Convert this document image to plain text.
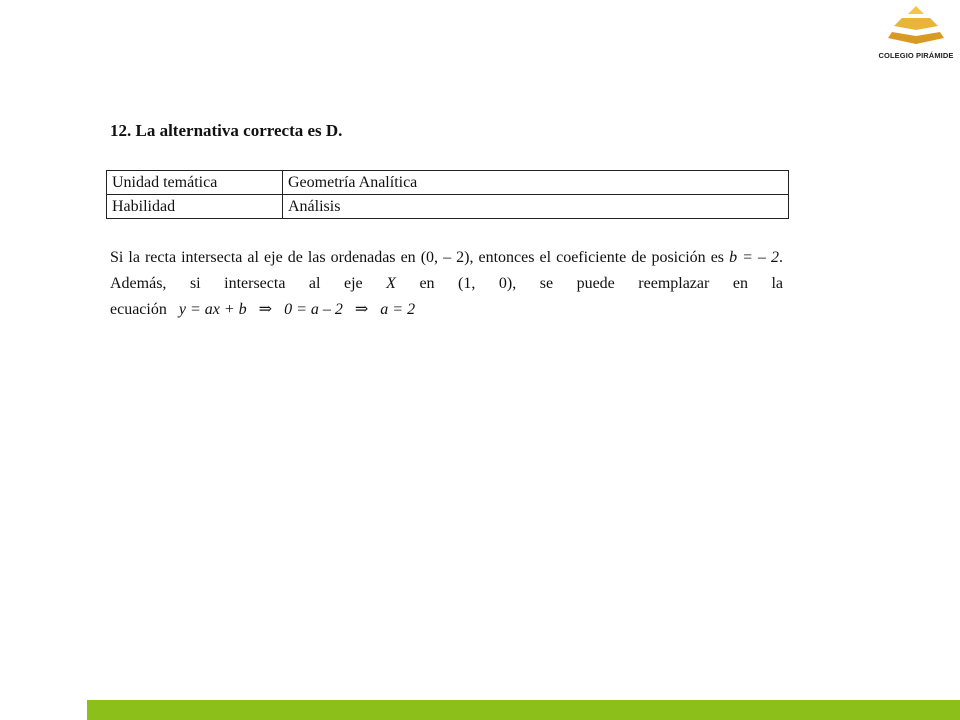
COLEGIO PIRÁMIDE
12. La alternativa correcta es D.
Unidad temática	Geometría Analítica
Habilidad	Análisis

Si la recta intersecta al eje de las ordenadas en (0, – 2), entonces el coeficiente de posición es b = – 2. Además, si intersecta al eje X en (1, 0), se puede reemplazar en la ecuación y = ax + b   ⇒   0 = a – 2   ⇒   a = 2
